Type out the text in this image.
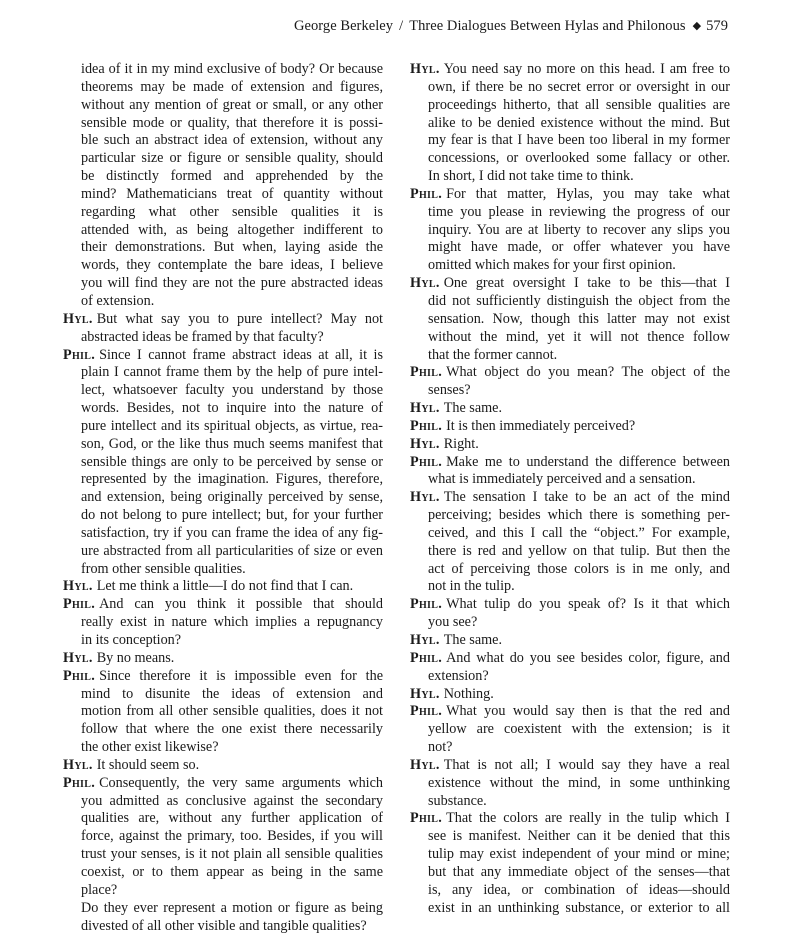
George Berkeley / Three Dialogues Between Hylas and Philonous ◆ 579
idea of it in my mind exclusive of body? Or because
theorems may be made of extension and figures,
without any mention of great or small, or any other
sensible mode or quality, that therefore it is possi-
ble such an abstract idea of extension, without any
particular size or figure or sensible quality, should
be distinctly formed and apprehended by the
mind? Mathematicians treat of quantity without
regarding what other sensible qualities it is
attended with, as being altogether indifferent to
their demonstrations. But when, laying aside the
words, they contemplate the bare ideas, I believe
you will find they are not the pure abstracted ideas
of extension.
Hyl. But what say you to pure intellect? May not
abstracted ideas be framed by that faculty?
Phil. Since I cannot frame abstract ideas at all, it is
plain I cannot frame them by the help of pure intel-
lect, whatsoever faculty you understand by those
words. Besides, not to inquire into the nature of
pure intellect and its spiritual objects, as virtue, rea-
son, God, or the like thus much seems manifest that
sensible things are only to be perceived by sense or
represented by the imagination. Figures, therefore,
and extension, being originally perceived by sense,
do not belong to pure intellect; but, for your further
satisfaction, try if you can frame the idea of any fig-
ure abstracted from all particularities of size or even
from other sensible qualities.
Hyl. Let me think a little—I do not find that I can.
Phil. And can you think it possible that should
really exist in nature which implies a repugnancy
in its conception?
Hyl. By no means.
Phil. Since therefore it is impossible even for the
mind to disunite the ideas of extension and
motion from all other sensible qualities, does it not
follow that where the one exist there necessarily
the other exist likewise?
Hyl. It should seem so.
Phil. Consequently, the very same arguments which
you admitted as conclusive against the secondary
qualities are, without any further application of
force, against the primary, too. Besides, if you will
trust your senses, is it not plain all sensible qualities
coexist, or to them appear as being in the same place?
Do they ever represent a motion or figure as being
divested of all other visible and tangible qualities?
Hyl. You need say no more on this head. I am free to
own, if there be no secret error or oversight in our
proceedings hitherto, that all sensible qualities are
alike to be denied existence without the mind. But
my fear is that I have been too liberal in my former
concessions, or overlooked some fallacy or other.
In short, I did not take time to think.
Phil. For that matter, Hylas, you may take what
time you please in reviewing the progress of our
inquiry. You are at liberty to recover any slips you
might have made, or offer whatever you have
omitted which makes for your first opinion.
Hyl. One great oversight I take to be this—that I
did not sufficiently distinguish the object from the
sensation. Now, though this latter may not exist
without the mind, yet it will not thence follow
that the former cannot.
Phil. What object do you mean? The object of the
senses?
Hyl. The same.
Phil. It is then immediately perceived?
Hyl. Right.
Phil. Make me to understand the difference between
what is immediately perceived and a sensation.
Hyl. The sensation I take to be an act of the mind
perceiving; besides which there is something per-
ceived, and this I call the “object.” For example,
there is red and yellow on that tulip. But then the
act of perceiving those colors is in me only, and
not in the tulip.
Phil. What tulip do you speak of? Is it that which
you see?
Hyl. The same.
Phil. And what do you see besides color, figure, and
extension?
Hyl. Nothing.
Phil. What you would say then is that the red and
yellow are coexistent with the extension; is it
not?
Hyl. That is not all; I would say they have a real
existence without the mind, in some unthinking
substance.
Phil. That the colors are really in the tulip which I
see is manifest. Neither can it be denied that this
tulip may exist independent of your mind or mine;
but that any immediate object of the senses—that
is, any idea, or combination of ideas—should
exist in an unthinking substance, or exterior to all
